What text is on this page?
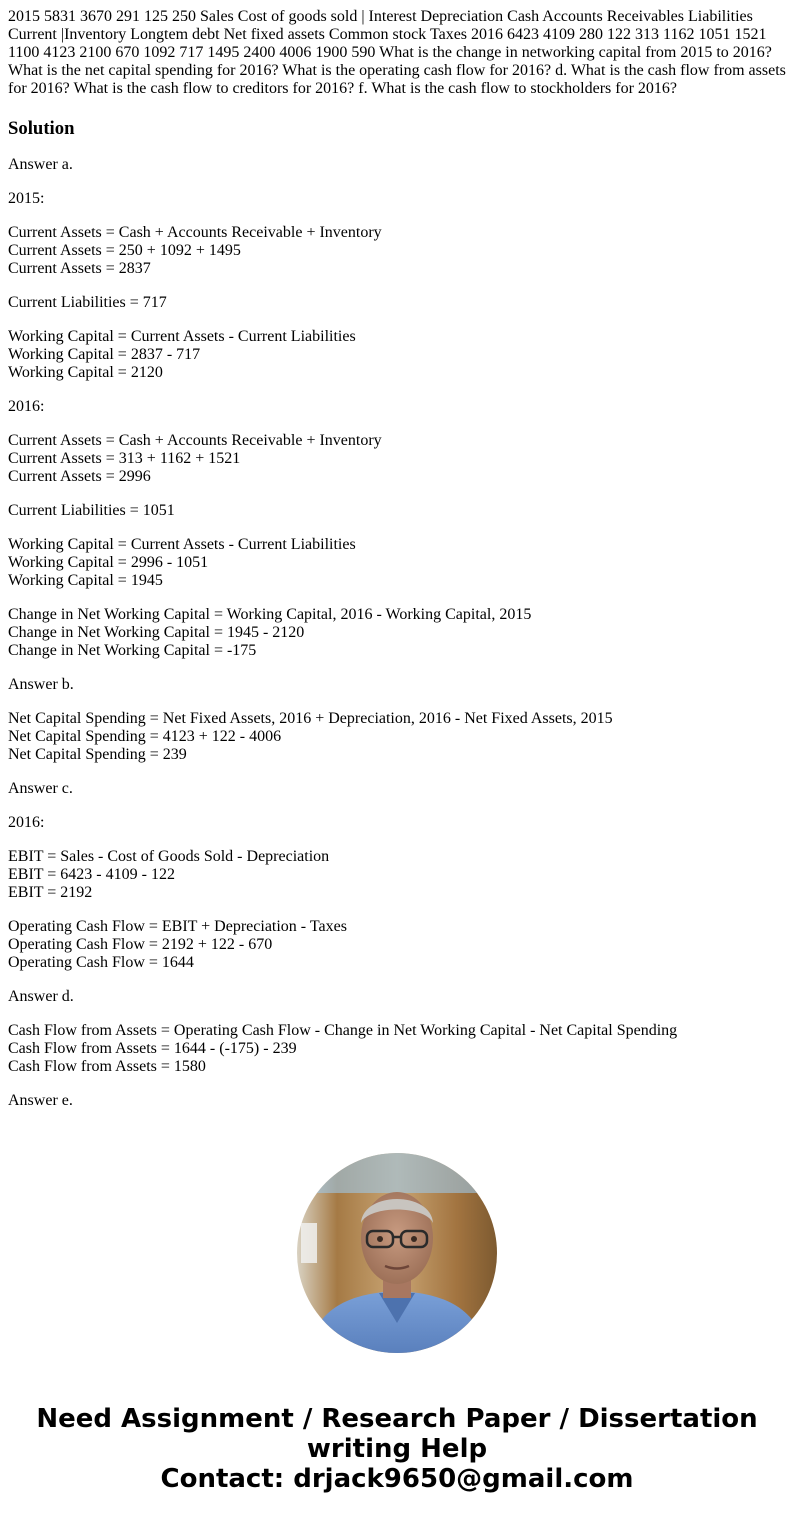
2015 5831 3670 291 125 250 Sales Cost of goods sold | Interest Depreciation Cash Accounts Receivables Liabilities Current |Inventory Longtem debt Net fixed assets Common stock Taxes 2016 6423 4109 280 122 313 1162 1051 1521 1100 4123 2100 670 1092 717 1495 2400 4006 1900 590 What is the change in networking capital from 2015 to 2016? What is the net capital spending for 2016? What is the operating cash flow for 2016? d. What is the cash flow from assets for 2016? What is the cash flow to creditors for 2016? f. What is the cash flow to stockholders for 2016?

Solution

Answer a.

2015:

Current Assets = Cash + Accounts Receivable + Inventory
Current Assets = 250 + 1092 + 1495
Current Assets = 2837

Current Liabilities = 717

Working Capital = Current Assets - Current Liabilities
Working Capital = 2837 - 717
Working Capital = 2120

2016:

Current Assets = Cash + Accounts Receivable + Inventory
Current Assets = 313 + 1162 + 1521
Current Assets = 2996

Current Liabilities = 1051

Working Capital = Current Assets - Current Liabilities
Working Capital = 2996 - 1051
Working Capital = 1945

Change in Net Working Capital = Working Capital, 2016 - Working Capital, 2015
Change in Net Working Capital = 1945 - 2120
Change in Net Working Capital = -175

Answer b.

Net Capital Spending = Net Fixed Assets, 2016 + Depreciation, 2016 - Net Fixed Assets, 2015
Net Capital Spending = 4123 + 122 - 4006
Net Capital Spending = 239

Answer c.

2016:

EBIT = Sales - Cost of Goods Sold - Depreciation
EBIT = 6423 - 4109 - 122
EBIT = 2192

Operating Cash Flow = EBIT + Depreciation - Taxes
Operating Cash Flow = 2192 + 122 - 670
Operating Cash Flow = 1644

Answer d.

Cash Flow from Assets = Operating Cash Flow - Change in Net Working Capital - Net Capital Spending
Cash Flow from Assets = 1644 - (-175) - 239
Cash Flow from Assets = 1580

Answer e.

Need Assignment / Research Paper / Dissertation
writing Help
Contact: drjack9650@gmail.com
